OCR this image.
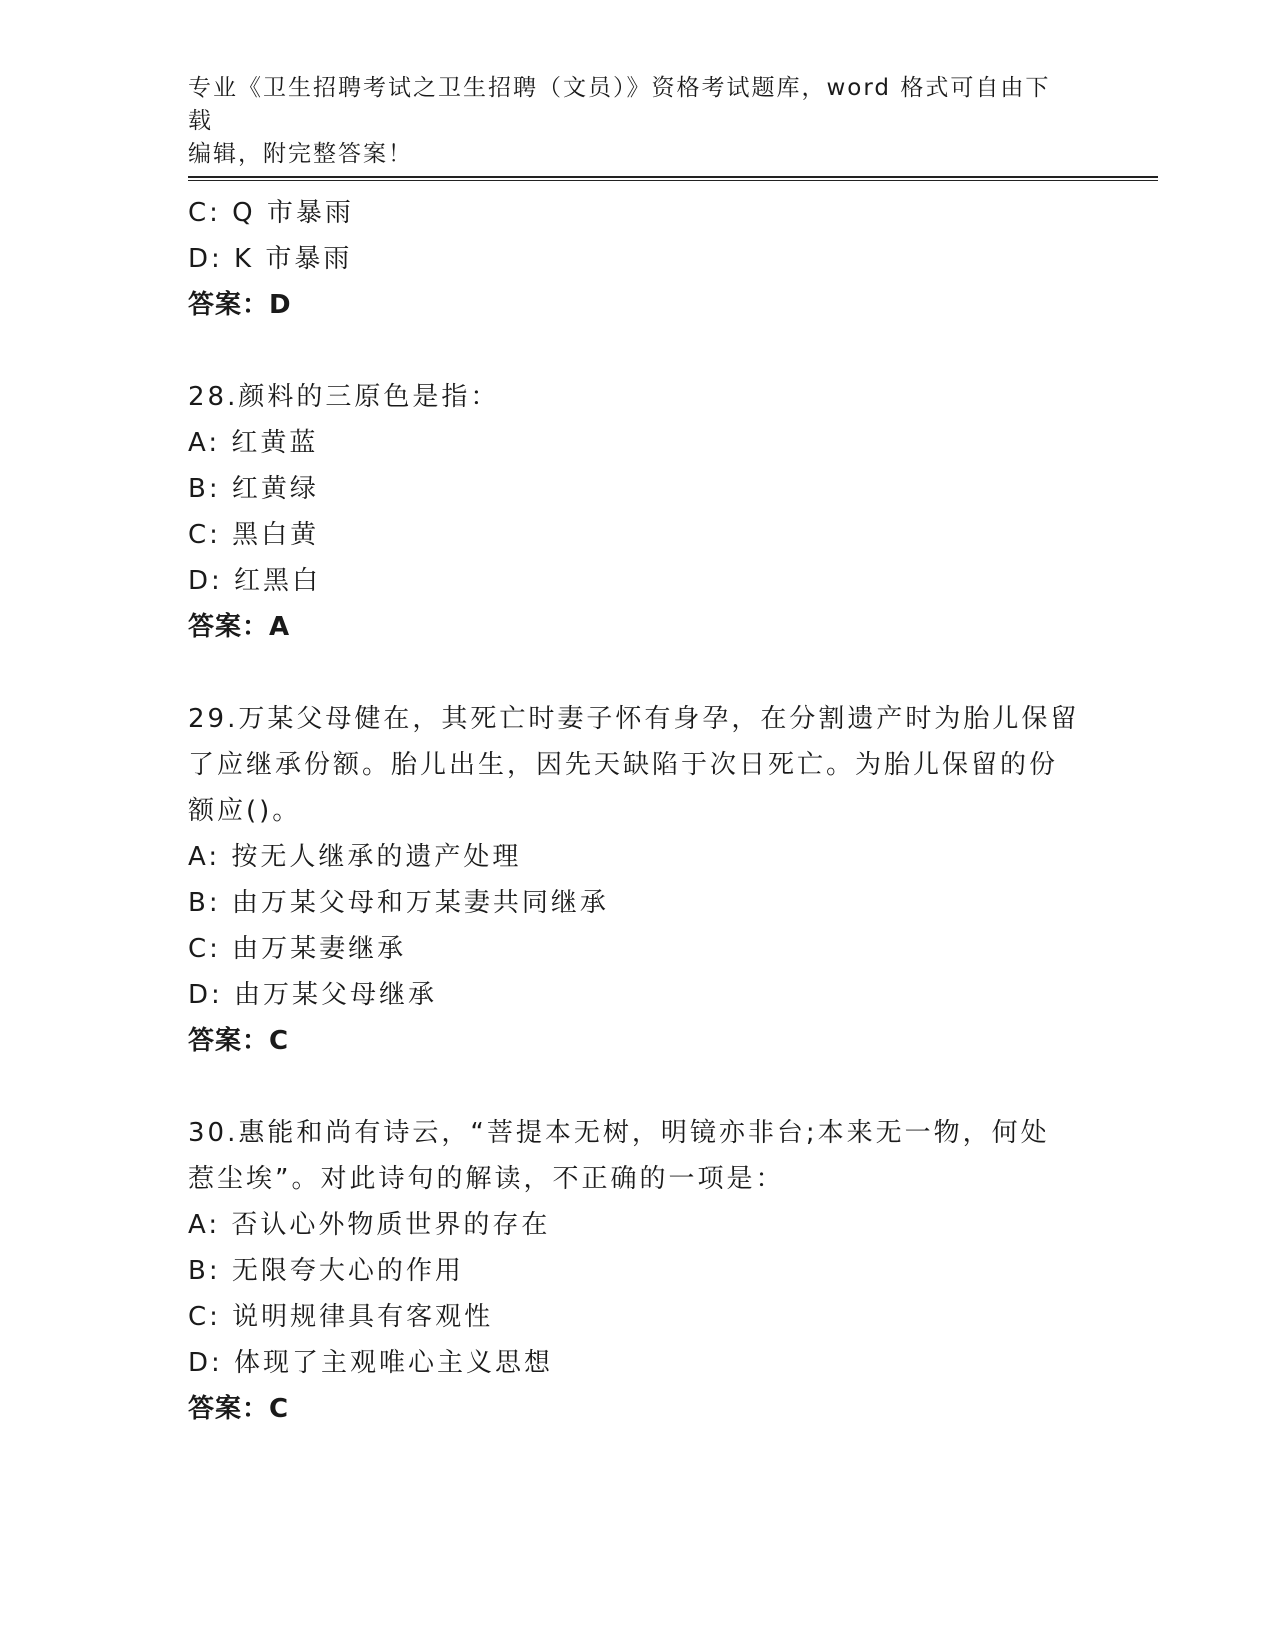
专业《卫生招聘考试之卫生招聘（文员）》资格考试题库，word 格式可自由下载
编辑，附完整答案！
C: Q 市暴雨
D: K 市暴雨
答案：D
28.颜料的三原色是指：
A: 红黄蓝
B: 红黄绿
C: 黑白黄
D: 红黑白
答案：A
29.万某父母健在，其死亡时妻子怀有身孕，在分割遗产时为胎儿保留
了应继承份额。胎儿出生，因先天缺陷于次日死亡。为胎儿保留的份
额应()。
A: 按无人继承的遗产处理
B: 由万某父母和万某妻共同继承
C: 由万某妻继承
D: 由万某父母继承
答案：C
30.惠能和尚有诗云，“菩提本无树，明镜亦非台;本来无一物，何处
惹尘埃”。对此诗句的解读，不正确的一项是：
A: 否认心外物质世界的存在
B: 无限夸大心的作用
C: 说明规律具有客观性
D: 体现了主观唯心主义思想
答案：C
